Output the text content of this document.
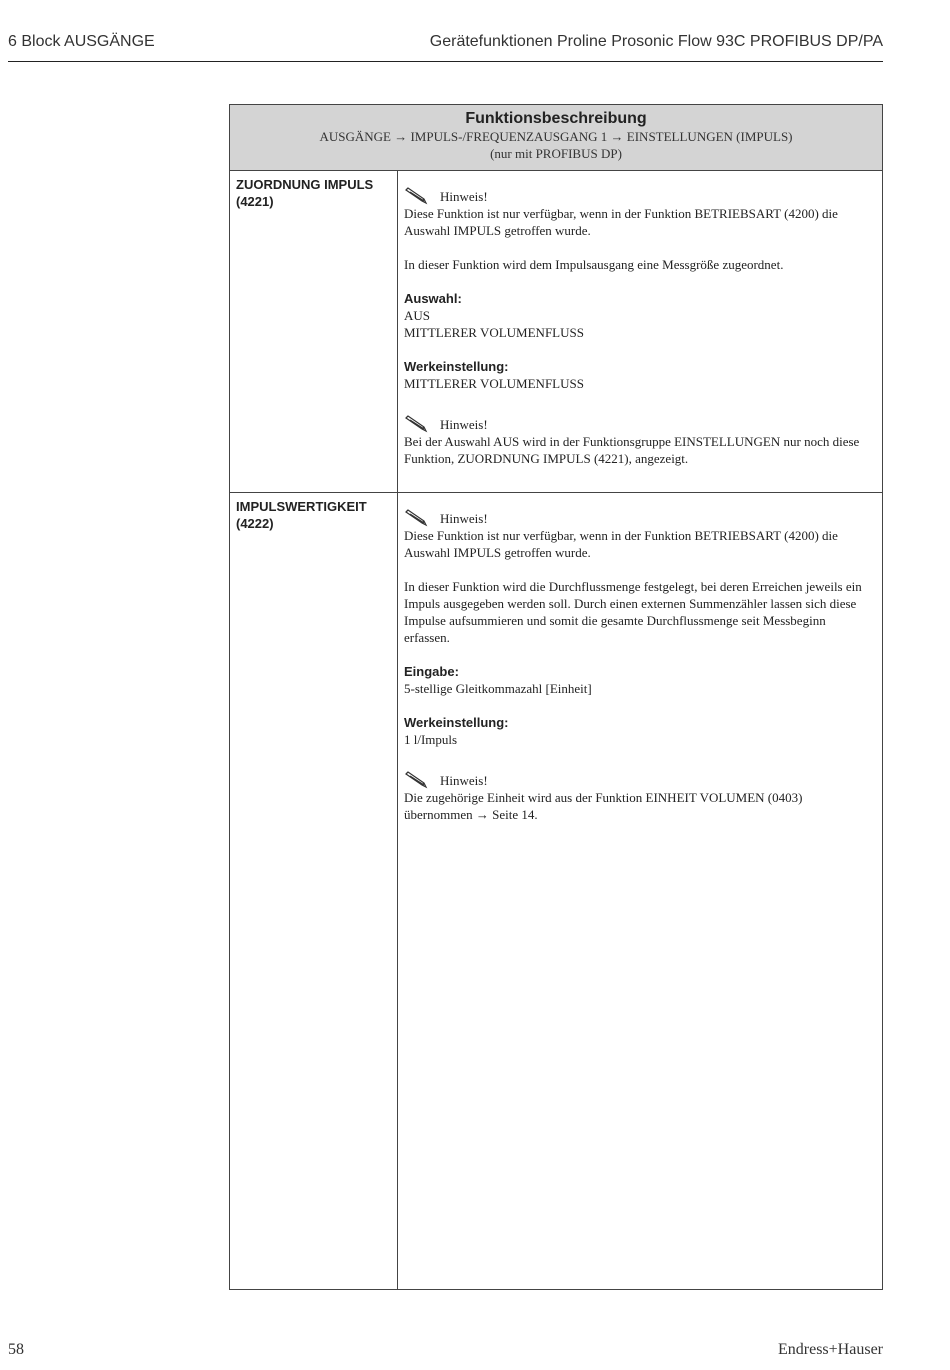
6 Block AUSGÄNGE	Gerätefunktionen Proline Prosonic Flow 93C PROFIBUS DP/PA
Funktionsbeschreibung
AUSGÄNGE → IMPULS-/FREQUENZAUSGANG 1 → EINSTELLUNGEN (IMPULS)
(nur mit PROFIBUS DP)
ZUORDNUNG IMPULS
(4221)	Hinweis!
Diese Funktion ist nur verfügbar, wenn in der Funktion BETRIEBSART (4200) die
Auswahl IMPULS getroffen wurde.
In dieser Funktion wird dem Impulsausgang eine Messgröße zugeordnet.
Auswahl:
AUS
MITTLERER VOLUMENFLUSS
Werkeinstellung:
MITTLERER VOLUMENFLUSS
Hinweis!
Bei der Auswahl AUS wird in der Funktionsgruppe EINSTELLUNGEN nur noch diese
Funktion, ZUORDNUNG IMPULS (4221), angezeigt.
IMPULSWERTIGKEIT
(4222)	Hinweis!
Diese Funktion ist nur verfügbar, wenn in der Funktion BETRIEBSART (4200) die
Auswahl IMPULS getroffen wurde.
In dieser Funktion wird die Durchflussmenge festgelegt, bei deren Erreichen jeweils ein
Impuls ausgegeben werden soll. Durch einen externen Summenzähler lassen sich diese
Impulse aufsummieren und somit die gesamte Durchflussmenge seit Messbeginn
erfassen.
Eingabe:
5-stellige Gleitkommazahl [Einheit]
Werkeinstellung:
1 l/Impuls
Hinweis!
Die zugehörige Einheit wird aus der Funktion EINHEIT VOLUMEN (0403)
übernommen → Seite 14.
58	Endress+Hauser
